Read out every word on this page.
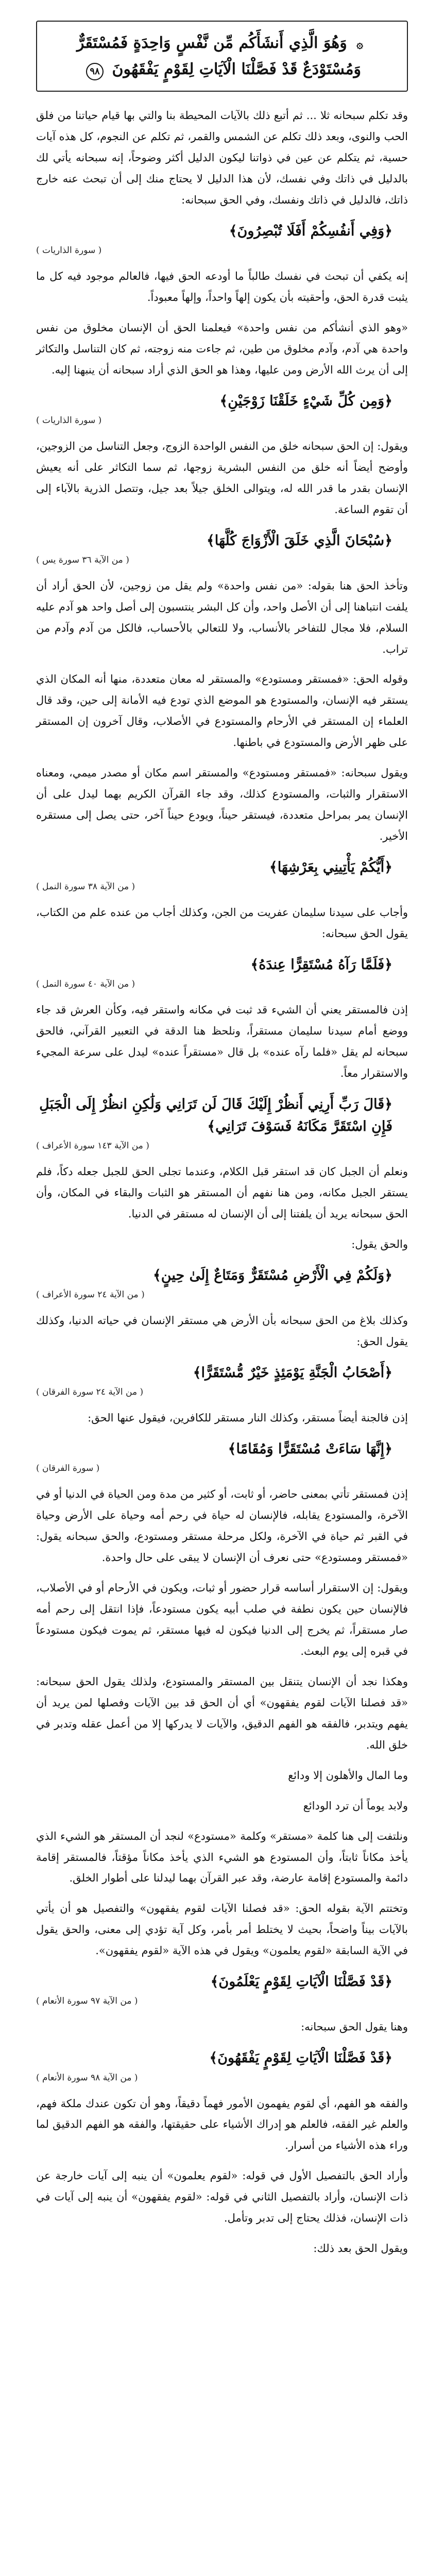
۞ وَهُوَ الَّذِي أَنشَأَكُم مِّن نَّفْسٍ وَاحِدَةٍ فَمُسْتَقَرٌّ وَمُسْتَوْدَعٌ قَدْ فَصَّلْنَا الْآيَاتِ لِقَوْمٍ يَفْقَهُونَ ٩٨
وقد تكلم سبحانه ثلا ... ثم أتبع ذلك بالآيات المحيطة بنا والتي بها قيام حياتنا من فلق الحب والنوى، وبعد ذلك تكلم عن الشمس والقمر، ثم تكلم عن النجوم، كل هذه آيات حسية، ثم يتكلم عن عين في ذواتنا ليكون الدليل أكثر وضوحاً، إنه سبحانه يأتي لك بالدليل في ذاتك وفي نفسك، لأن هذا الدليل لا يحتاج منك إلى أن تبحث عنه خارج ذاتك، فالدليل في ذاتك ونفسك، وفي الحق سبحانه:
﴿وَفِي أَنفُسِكُمْ أَفَلَا تُبْصِرُونَ﴾
( سورة الذاريات )
إنه يكفي أن تبحث في نفسك طالباً ما أودعه الحق فيها، فالعالم موجود فيه كل ما يثبت قدرة الحق، وأحقيته بأن يكون إلهاً واحداً، وإلهاً معبوداً.
«وهو الذي أنشأكم من نفس واحدة» فيعلمنا الحق أن الإنسان مخلوق من نفس واحدة هي آدم، وآدم مخلوق من طين، ثم جاءت منه زوجته، ثم كان التناسل والتكاثر إلى أن يرث الله الأرض ومن عليها، وهذا هو الحق الذي أراد سبحانه أن ينبهنا إليه.
﴿وَمِن كُلِّ شَيْءٍ خَلَقْنَا زَوْجَيْنِ﴾
( سورة الذاريات )
ويقول: إن الحق سبحانه خلق من النفس الواحدة الزوج، وجعل التناسل من الزوجين، وأوضح أيضاً أنه خلق من النفس البشرية زوجها، ثم سما التكاثر على أنه يعيش الإنسان بقدر ما قدر الله له، ويتوالى الخلق جيلاً بعد جيل، وتتصل الذرية بالآباء إلى أن تقوم الساعة.
﴿سُبْحَانَ الَّذِي خَلَقَ الْأَزْوَاجَ كُلَّهَا﴾
( من الآية ٣٦ سورة يس )
وتأخذ الحق هنا بقوله: «من نفس واحدة» ولم يقل من زوجين، لأن الحق أراد أن يلفت انتباهنا إلى أن الأصل واحد، وأن كل البشر ينتسبون إلى أصل واحد هو آدم عليه السلام، فلا مجال للتفاخر بالأنساب، ولا للتعالي بالأحساب، فالكل من آدم وآدم من تراب.
وقوله الحق: «فمستقر ومستودع» والمستقر له معان متعددة، منها أنه المكان الذي يستقر فيه الإنسان، والمستودع هو الموضع الذي تودع فيه الأمانة إلى حين، وقد قال العلماء إن المستقر في الأرحام والمستودع في الأصلاب، وقال آخرون إن المستقر على ظهر الأرض والمستودع في باطنها.
ويقول سبحانه: «فمستقر ومستودع» والمستقر اسم مكان أو مصدر ميمي، ومعناه الاستقرار والثبات، والمستودع كذلك، وقد جاء القرآن الكريم بهما ليدل على أن الإنسان يمر بمراحل متعددة، فيستقر حيناً، ويودع حيناً آخر، حتى يصل إلى مستقره الأخير.
﴿أَيُّكُمْ يَأْتِينِي بِعَرْشِهَا﴾
( من الآية ٣٨ سورة النمل )
وأجاب على سيدنا سليمان عفريت من الجن، وكذلك أجاب من عنده علم من الكتاب، يقول الحق سبحانه:
﴿فَلَمَّا رَآهُ مُسْتَقِرًّا عِندَهُ﴾
( من الآية ٤٠ سورة النمل )
إذن فالمستقر يعني أن الشيء قد ثبت في مكانه واستقر فيه، وكأن العرش قد جاء ووضع أمام سيدنا سليمان مستقراً، ونلحظ هنا الدقة في التعبير القرآني، فالحق سبحانه لم يقل «فلما رآه عنده» بل قال «مستقراً عنده» ليدل على سرعة المجيء والاستقرار معاً.
﴿قَالَ رَبِّ أَرِنِي أَنظُرْ إِلَيْكَ قَالَ لَن تَرَانِي وَلَٰكِنِ انظُرْ إِلَى الْجَبَلِ فَإِنِ اسْتَقَرَّ مَكَانَهُ فَسَوْفَ تَرَانِي﴾
( من الآية ١٤٣ سورة الأعراف )
ونعلم أن الجبل كان قد استقر قبل الكلام، وعندما تجلى الحق للجبل جعله دكاً، فلم يستقر الجبل مكانه، ومن هنا نفهم أن المستقر هو الثبات والبقاء في المكان، وأن الحق سبحانه يريد أن يلفتنا إلى أن الإنسان له مستقر في الدنيا.
والحق يقول:
﴿وَلَكُمْ فِي الْأَرْضِ مُسْتَقَرٌّ وَمَتَاعٌ إِلَىٰ حِينٍ﴾
( من الآية ٢٤ سورة الأعراف )
وكذلك بلاغ من الحق سبحانه بأن الأرض هي مستقر الإنسان في حياته الدنيا، وكذلك يقول الحق:
﴿أَصْحَابُ الْجَنَّةِ يَوْمَئِذٍ خَيْرٌ مُّسْتَقَرًّا﴾
( من الآية ٢٤ سورة الفرقان )
إذن فالجنة أيضاً مستقر، وكذلك النار مستقر للكافرين، فيقول عنها الحق:
﴿إِنَّهَا سَاءَتْ مُسْتَقَرًّا وَمُقَامًا﴾
( سورة الفرقان )
إذن فمستقر تأتي بمعنى حاضر، أو ثابت، أو كثير من مدة ومن الحياة في الدنيا أو في الآخرة، والمستودع يقابله، فالإنسان له حياة في رحم أمه وحياة على الأرض وحياة في القبر ثم حياة في الآخرة، ولكل مرحلة مستقر ومستودع، والحق سبحانه يقول: «فمستقر ومستودع» حتى نعرف أن الإنسان لا يبقى على حال واحدة.
ويقول: إن الاستقرار أساسه قرار حضور أو ثبات، ويكون في الأرحام أو في الأصلاب، فالإنسان حين يكون نطفة في صلب أبيه يكون مستودعاً، فإذا انتقل إلى رحم أمه صار مستقراً، ثم يخرج إلى الدنيا فيكون له فيها مستقر، ثم يموت فيكون مستودعاً في قبره إلى يوم البعث.
وهكذا نجد أن الإنسان يتنقل بين المستقر والمستودع، ولذلك يقول الحق سبحانه: «قد فصلنا الآيات لقوم يفقهون» أي أن الحق قد بين الآيات وفصلها لمن يريد أن يفهم ويتدبر، فالفقه هو الفهم الدقيق، والآيات لا يدركها إلا من أعمل عقله وتدبر في خلق الله.
وما المال والأهلون إلا ودائع
ولابد يوماً أن ترد الودائع
ونلتفت إلى هنا كلمة «مستقر» وكلمة «مستودع» لنجد أن المستقر هو الشيء الذي يأخذ مكاناً ثابتاً، وأن المستودع هو الشيء الذي يأخذ مكاناً مؤقتاً، فالمستقر إقامة دائمة والمستودع إقامة عارضة، وقد عبر القرآن بهما ليدلنا على أطوار الخلق.
وتختتم الآية بقوله الحق: «قد فصلنا الآيات لقوم يفقهون» والتفصيل هو أن يأتي بالآيات بيناً واضحاً، بحيث لا يختلط أمر بأمر، وكل آية تؤدي إلى معنى، والحق يقول في الآية السابقة «لقوم يعلمون» ويقول في هذه الآية «لقوم يفقهون».
﴿قَدْ فَصَّلْنَا الْآيَاتِ لِقَوْمٍ يَعْلَمُونَ﴾
( من الآية ٩٧ سورة الأنعام )
وهنا يقول الحق سبحانه:
﴿قَدْ فَصَّلْنَا الْآيَاتِ لِقَوْمٍ يَفْقَهُونَ﴾
( من الآية ٩٨ سورة الأنعام )
والفقه هو الفهم، أي لقوم يفهمون الأمور فهماً دقيقاً، وهو أن تكون عندك ملكة فهم، والعلم غير الفقه، فالعلم هو إدراك الأشياء على حقيقتها، والفقه هو الفهم الدقيق لما وراء هذه الأشياء من أسرار.
وأراد الحق بالتفصيل الأول في قوله: «لقوم يعلمون» أن ينبه إلى آيات خارجة عن ذات الإنسان، وأراد بالتفصيل الثاني في قوله: «لقوم يفقهون» أن ينبه إلى آيات في ذات الإنسان، فذلك يحتاج إلى تدبر وتأمل.
ويقول الحق بعد ذلك:
